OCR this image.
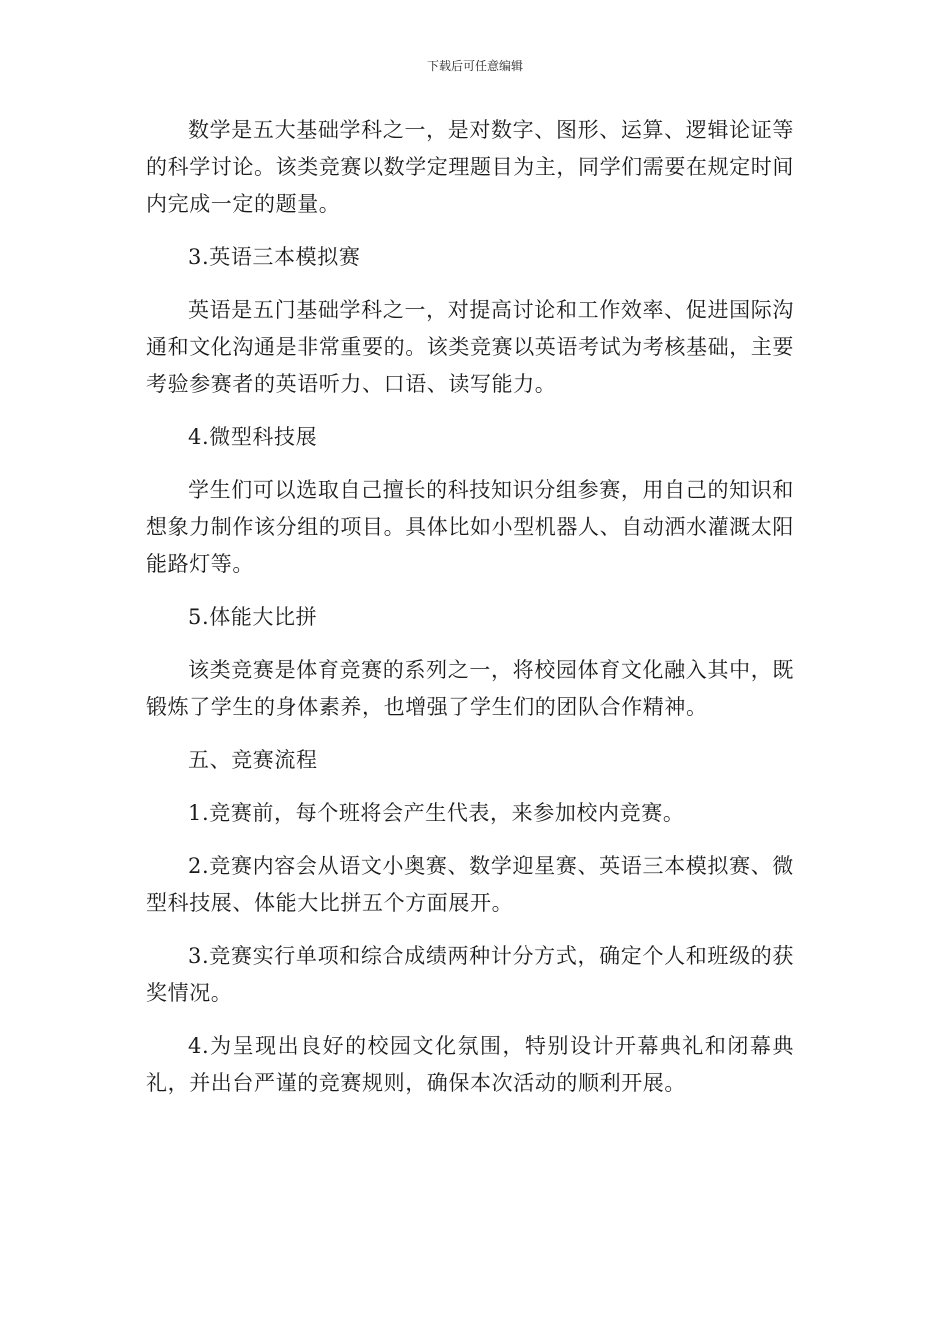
下载后可任意编辑

数学是五大基础学科之一，是对数字、图形、运算、逻辑论证等的科学讨论。该类竞赛以数学定理题目为主，同学们需要在规定时间内完成一定的题量。

3.英语三本模拟赛

英语是五门基础学科之一，对提高讨论和工作效率、促进国际沟通和文化沟通是非常重要的。该类竞赛以英语考试为考核基础，主要考验参赛者的英语听力、口语、读写能力。

4.微型科技展

学生们可以选取自己擅长的科技知识分组参赛，用自己的知识和想象力制作该分组的项目。具体比如小型机器人、自动洒水灌溉太阳能路灯等。

5.体能大比拼

该类竞赛是体育竞赛的系列之一，将校园体育文化融入其中，既锻炼了学生的身体素养，也增强了学生们的团队合作精神。

五、竞赛流程

1.竞赛前，每个班将会产生代表，来参加校内竞赛。

2.竞赛内容会从语文小奥赛、数学迎星赛、英语三本模拟赛、微型科技展、体能大比拼五个方面展开。

3.竞赛实行单项和综合成绩两种计分方式，确定个人和班级的获奖情况。

4.为呈现出良好的校园文化氛围，特别设计开幕典礼和闭幕典礼，并出台严谨的竞赛规则，确保本次活动的顺利开展。
